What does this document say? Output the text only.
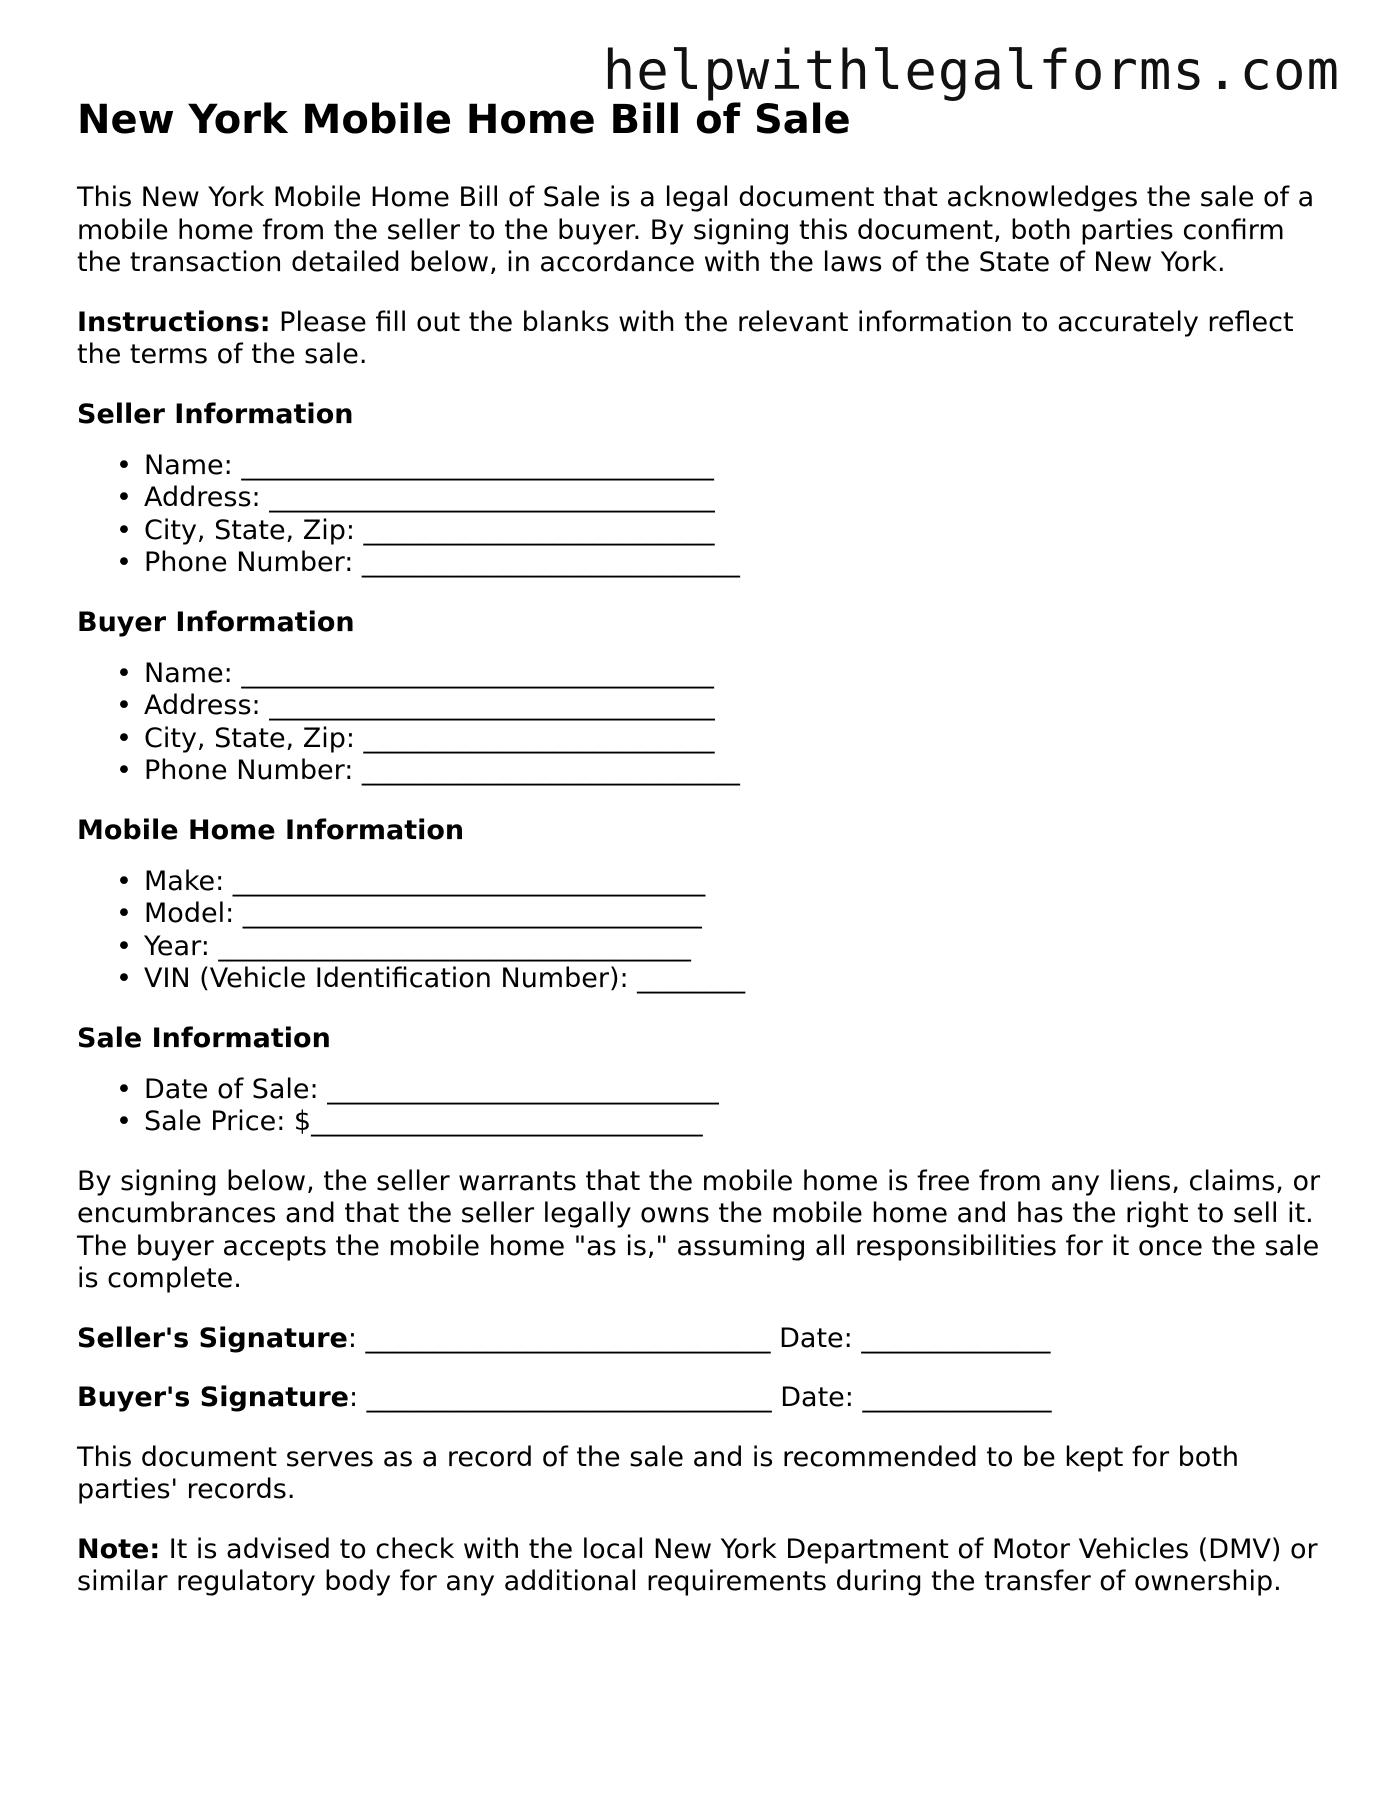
helpwithlegalforms.com
New York Mobile Home Bill of Sale

This New York Mobile Home Bill of Sale is a legal document that acknowledges the sale of a mobile home from the seller to the buyer. By signing this document, both parties confirm the transaction detailed below, in accordance with the laws of the State of New York.

Instructions: Please fill out the blanks with the relevant information to accurately reflect the terms of the sale.

Seller Information
• Name: ___________________________________
• Address: _________________________________
• City, State, Zip: __________________________
• Phone Number: ____________________________
Buyer Information
• Name: ___________________________________
• Address: _________________________________
• City, State, Zip: __________________________
• Phone Number: ____________________________
Mobile Home Information
• Make: ___________________________________
• Model: __________________________________
• Year: ___________________________________
• VIN (Vehicle Identification Number): ________
Sale Information
• Date of Sale: _____________________________
• Sale Price: $_____________________________

By signing below, the seller warrants that the mobile home is free from any liens, claims, or encumbrances and that the seller legally owns the mobile home and has the right to sell it. The buyer accepts the mobile home "as is," assuming all responsibilities for it once the sale is complete.

Seller's Signature: ______________________________ Date: ______________
Buyer's Signature: ______________________________ Date: ______________

This document serves as a record of the sale and is recommended to be kept for both parties' records.

Note: It is advised to check with the local New York Department of Motor Vehicles (DMV) or similar regulatory body for any additional requirements during the transfer of ownership.
